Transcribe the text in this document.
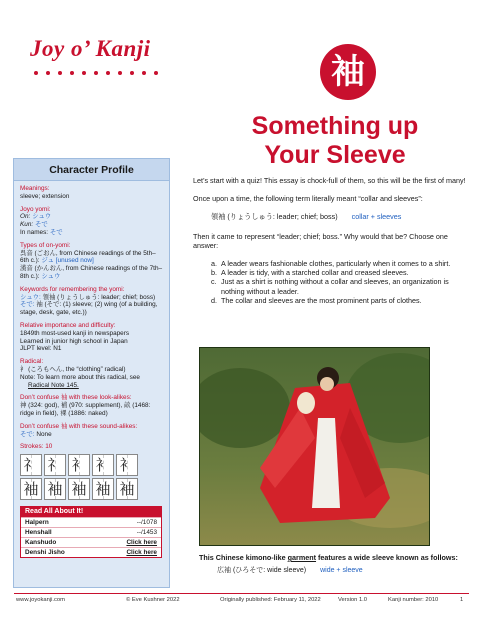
Joy o’ Kanji
袖
Something up
Your Sleeve
Character Profile
Meanings:
sleeve; extension
Joyo yomi:
On: シュウ
Kun: そで
In names: そで
Types of on-yomi:
呉音 (ごおん, from Chinese readings of the 5th–6th c.): ジュ [unused now]
漢音 (かんおん, from Chinese readings of the 7th–8th c.): シュウ
Keywords for remembering the yomi:
シュウ: 領袖 (りょうしゅう: leader; chief; boss)
そで: 袖 (そで: (1) sleeve; (2) wing (of a building, stage, desk, gate, etc.))
Relative importance and difficulty:
1849th most-used kanji in newspapers
Learned in junior high school in Japan
JLPT level: N1
Radical:
衤 (ころもへん, the “clothing” radical)
Note: To learn more about this radical, see
Radical Note 145.
Don’t confuse 袖 with these look-alikes:
神 (324: god), 補 (970: supplement), 畝 (1468: ridge in field), 裸 (1886: naked)
Don’t confuse 袖 with these sound-alikes:
そで: None
Strokes: 10
礻 礻 衤 衤 衤
袖 袖 袖 袖 袖
Read All About It!
Halpern	--/1078
Henshall	--/1453
Kanshudo	Click here
Denshi Jisho	Click here
Let’s start with a quiz! This essay is chock-full of them, so this will be the first of many!
Once upon a time, the following term literally meant “collar and sleeves”:
領袖 (りょうしゅう: leader; chief; boss) collar + sleeves
Then it came to represent “leader; chief; boss.” Why would that be? Choose one answer:
a. A leader wears fashionable clothes, particularly when it comes to a shirt.
b. A leader is tidy, with a starched collar and creased sleeves.
c. Just as a shirt is nothing without a collar and sleeves, an organization is nothing without a leader.
d. The collar and sleeves are the most prominent parts of clothes.
This Chinese kimono-like garment features a wide sleeve known as follows:
広袖 (ひろそで: wide sleeve) wide + sleeve
www.joyokanji.com	© Eve Kushner 2022	Originally published: February 11, 2022	Version 1.0	Kanji number: 2010	1
